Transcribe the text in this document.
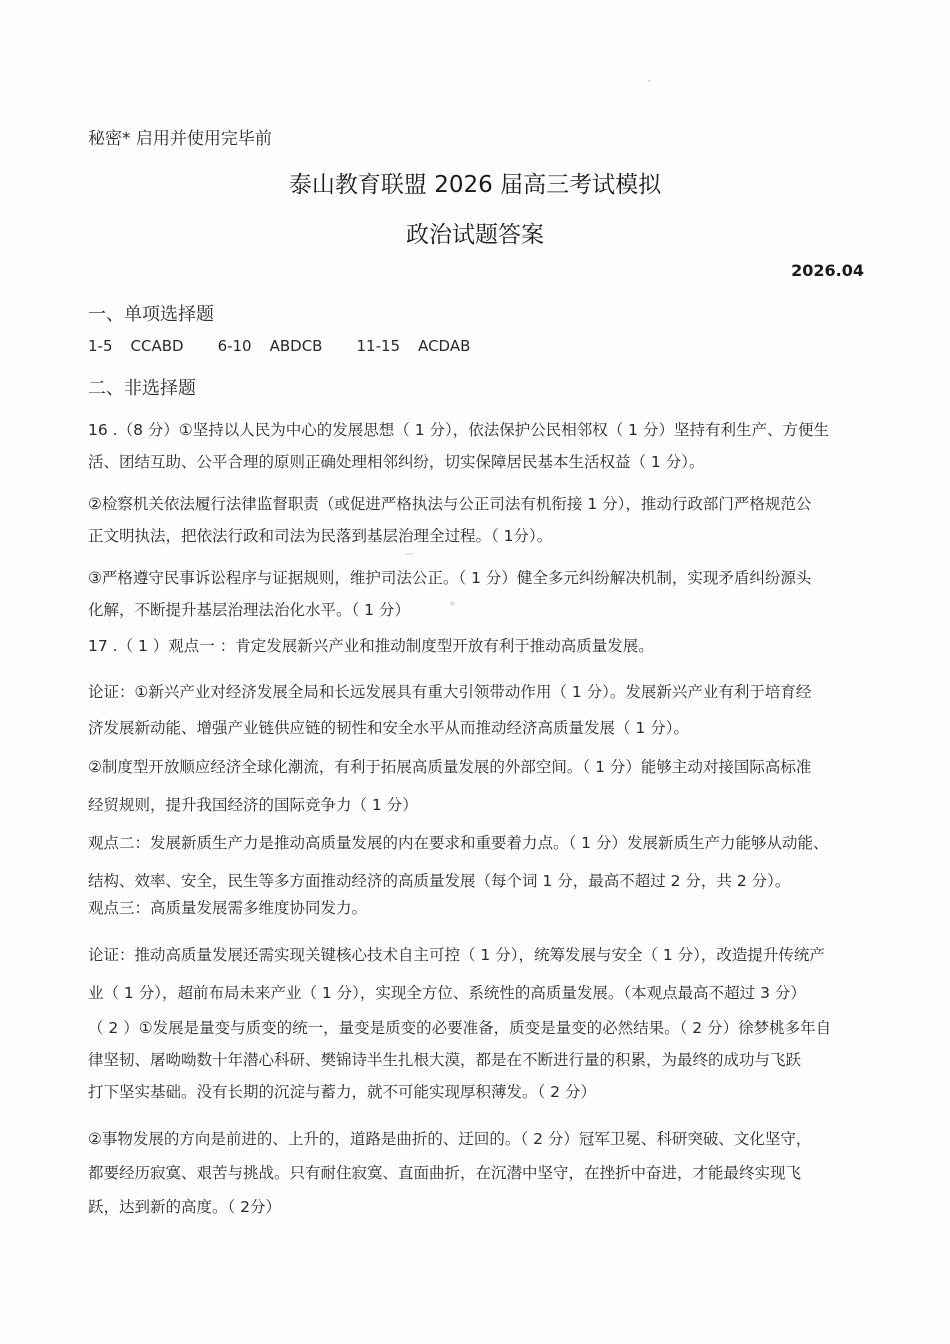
秘密* 启用并使用完毕前
泰山教育联盟 2026 届高三考试模拟
政治试题答案
2026.04
一、单项选择题
1-5 CCABD 6-10 ABDCB 11-15 ACDAB
二、非选择题
16 .（8 分）①坚持以人民为中心的发展思想（ 1 分），依法保护公民相邻权（ 1 分）坚持有利生产、方便生
活、团结互助、公平合理的原则正确处理相邻纠纷，切实保障居民基本生活权益（ 1 分）。
②检察机关依法履行法律监督职责（或促进严格执法与公正司法有机衔接 1 分），推动行政部门严格规范公
正文明执法，把依法行政和司法为民落到基层治理全过程。（ 1分）。
③严格遵守民事诉讼程序与证据规则，维护司法公正。（ 1 分）健全多元纠纷解决机制，实现矛盾纠纷源头
化解，不断提升基层治理法治化水平。（ 1 分）
17 .（ 1 ）观点一 ：肯定发展新兴产业和推动制度型开放有利于推动高质量发展。
论证：①新兴产业对经济发展全局和长远发展具有重大引领带动作用（ 1 分）。发展新兴产业有利于培育经
济发展新动能、增强产业链供应链的韧性和安全水平从而推动经济高质量发展（ 1 分）。
②制度型开放顺应经济全球化潮流，有利于拓展高质量发展的外部空间。（ 1 分）能够主动对接国际高标准
经贸规则，提升我国经济的国际竞争力（ 1 分）
观点二：发展新质生产力是推动高质量发展的内在要求和重要着力点。（ 1 分）发展新质生产力能够从动能、
结构、效率、安全，民生等多方面推动经济的高质量发展（每个词 1 分，最高不超过 2 分，共 2 分）。
观点三：高质量发展需多维度协同发力。
论证：推动高质量发展还需实现关键核心技术自主可控（ 1 分），统筹发展与安全（ 1 分），改造提升传统产
业（ 1 分），超前布局未来产业（ 1 分），实现全方位、系统性的高质量发展。（本观点最高不超过 3 分）
（ 2 ）①发展是量变与质变的统一，量变是质变的必要准备，质变是量变的必然结果。（ 2 分）徐梦桃多年自
律坚韧、屠呦呦数十年潜心科研、樊锦诗半生扎根大漠，都是在不断进行量的积累，为最终的成功与飞跃
打下坚实基础。没有长期的沉淀与蓄力，就不可能实现厚积薄发。（ 2 分）
②事物发展的方向是前进的、上升的，道路是曲折的、迂回的。（ 2 分）冠军卫冕、科研突破、文化坚守，
都要经历寂寞、艰苦与挑战。只有耐住寂寞、直面曲折，在沉潜中坚守，在挫折中奋进，才能最终实现飞
跃，达到新的高度。（ 2分）
